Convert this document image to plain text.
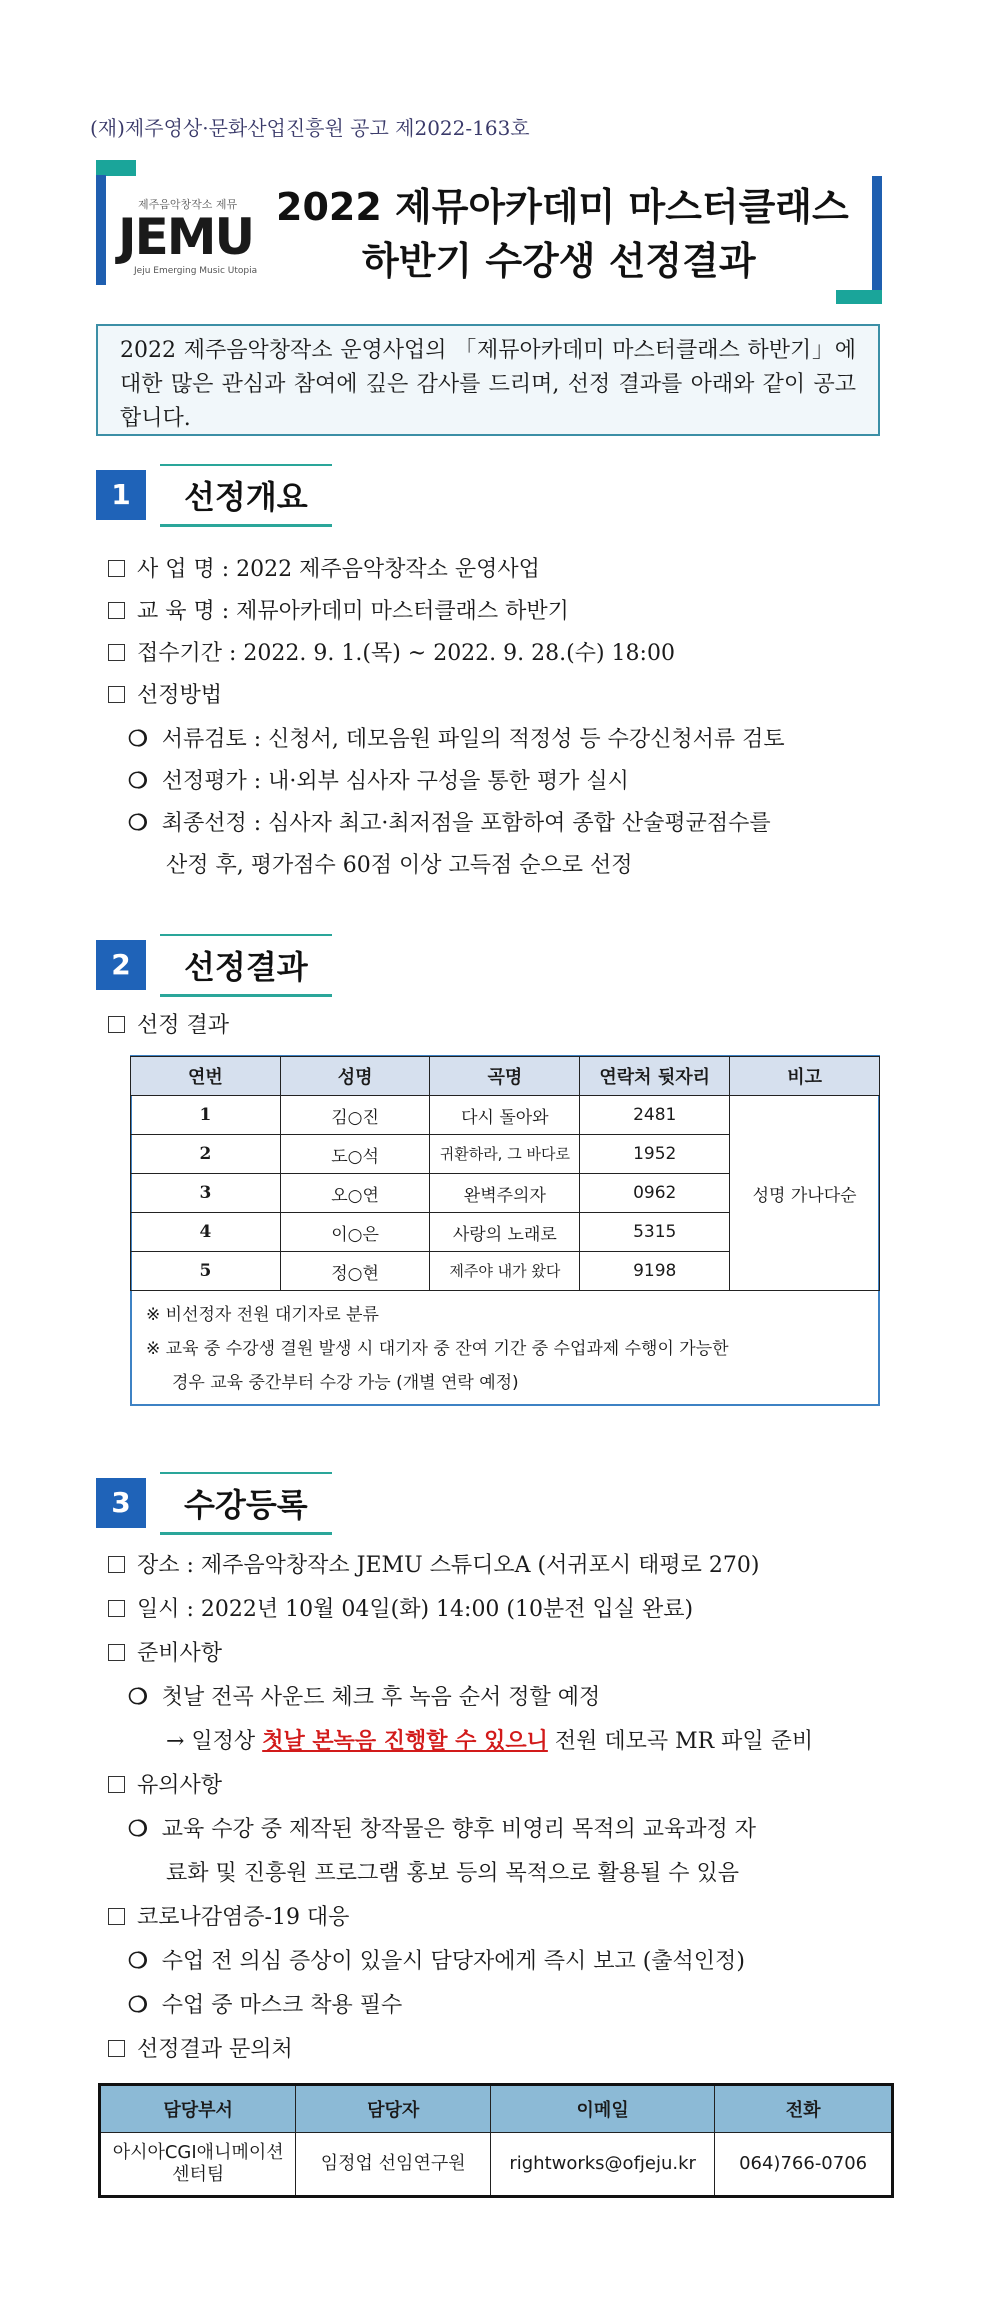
(재)제주영상·문화산업진흥원 공고 제2022-163호
제주음악창작소 제뮤
JEMU
Jeju Emerging Music Utopia
2022 제뮤아카데미 마스터클래스
하반기 수강생 선정결과
2022 제주음악창작소 운영사업의 「제뮤아카데미 마스터클래스 하반기」에 대한 많은 관심과 참여에 깊은 감사를 드리며, 선정 결과를 아래와 같이 공고합니다.
1	선정개요
사 업 명 : 2022 제주음악창작소 운영사업
교 육 명 : 제뮤아카데미 마스터클래스 하반기
접수기간 : 2022. 9. 1.(목) ~ 2022. 9. 28.(수) 18:00
선정방법
❍ 서류검토 : 신청서, 데모음원 파일의 적정성 등 수강신청서류 검토
❍ 선정평가 : 내·외부 심사자 구성을 통한 평가 실시
❍ 최종선정 : 심사자 최고·최저점을 포함하여 종합 산술평균점수를
산정 후, 평가점수 60점 이상 고득점 순으로 선정
2	선정결과
선정 결과
연번	성명	곡명	연락처 뒷자리	비고
1	김○진	다시 돌아와	2481	성명 가나다순
2	도○석	귀환하라, 그 바다로	1952	
3	오○연	완벽주의자	0962	
4	이○은	사랑의 노래로	5315	
5	정○현	제주야 내가 왔다	9198	
※ 비선정자 전원 대기자로 분류
※ 교육 중 수강생 결원 발생 시 대기자 중 잔여 기간 중 수업과제 수행이 가능한
경우 교육 중간부터 수강 가능 (개별 연락 예정)
3	수강등록
장소 : 제주음악창작소 JEMU 스튜디오A (서귀포시 태평로 270)
일시 : 2022년 10월 04일(화) 14:00 (10분전 입실 완료)
준비사항
❍ 첫날 전곡 사운드 체크 후 녹음 순서 정할 예정
→ 일정상 첫날 본녹음 진행할 수 있으니 전원 데모곡 MR 파일 준비
유의사항
❍ 교육 수강 중 제작된 창작물은 향후 비영리 목적의 교육과정 자
료화 및 진흥원 프로그램 홍보 등의 목적으로 활용될 수 있음
코로나감염증-19 대응
❍ 수업 전 의심 증상이 있을시 담당자에게 즉시 보고 (출석인정)
❍ 수업 중 마스크 착용 필수
선정결과 문의처
담당부서	담당자	이메일	전화
아시아CGI애니메이션센터팀	임정업 선임연구원	rightworks@ofjeju.kr	064)766-0706
